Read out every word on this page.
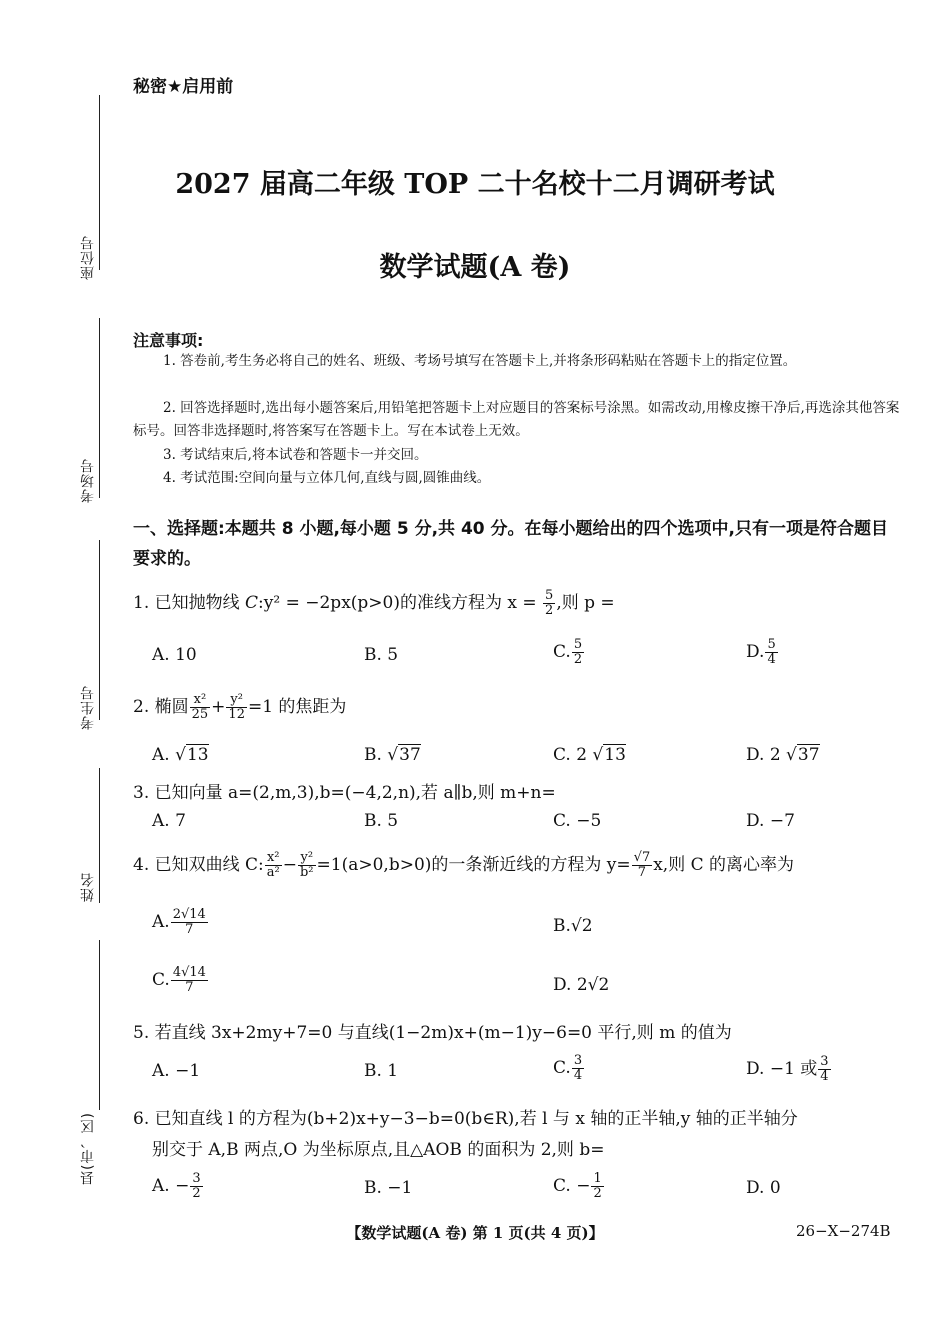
座位号
考场号
考生号
姓名
县(市、区)
秘密★启用前
2027 届高二年级 TOP 二十名校十二月调研考试
数学试题(A 卷)
注意事项:
1. 答卷前,考生务必将自己的姓名、班级、考场号填写在答题卡上,并将条形码粘贴在答题卡上的指定位置。
2. 回答选择题时,选出每小题答案后,用铅笔把答题卡上对应题目的答案标号涂黑。如需改动,用橡皮擦干净后,再选涂其他答案标号。回答非选择题时,将答案写在答题卡上。写在本试卷上无效。
3. 考试结束后,将本试卷和答题卡一并交回。
4. 考试范围:空间向量与立体几何,直线与圆,圆锥曲线。
一、选择题:本题共 8 小题,每小题 5 分,共 40 分。在每小题给出的四个选项中,只有一项是符合题目要求的。
1. 已知抛物线 C:y² = −2px(p>0)的准线方程为 $x = \frac{5}{2}$ ,则 p =
A. 10	B. 5	C. $\frac{5}{2}$	D. $\frac{5}{4}$
2. 椭圆 $\frac{\text{x²}}{25} + \frac{\text{y²}}{12} =1$ 的焦距为
A. √13	B. √37	C. 2 √13	D. 2 √37
3. 已知向量 a=(2,m,3),b=(−4,2,n),若 a∥b,则 m+n=
A. 7	B. 5	C. −5	D. −7
4. 已知双曲线 C: $\frac{\text{x²}}{\text{a²}} - \frac{\text{y²}}{\text{b²}} =1(a>0,b>0)$的一条渐近线的方程为 $y= \frac{√7}{7} x$,则 C 的离心率为
A. $\frac{2√14}{7}$	B.√2
C. $\frac{4√14}{7}$	D. 2√2
5. 若直线 3x+2my+7=0 与直线(1−2m)x+(m−1)y−6=0 平行,则 m 的值为
A. −1	B. 1	C. $\frac{3}{4}$	D. −1 或 $\frac{3}{4}$
6. 已知直线 l 的方程为(b+2)x+y−3−b=0(b∈R),若 l 与 x 轴的正半轴,y 轴的正半轴分
别交于 A,B 两点,O 为坐标原点,且△AOB 的面积为 2,则 b=
A. − $\frac{3}{2}$	B. −1	C. − $\frac{1}{2}$	D. 0
【数学试题(A 卷) 第 1 页(共 4 页)】	26−X−274B
